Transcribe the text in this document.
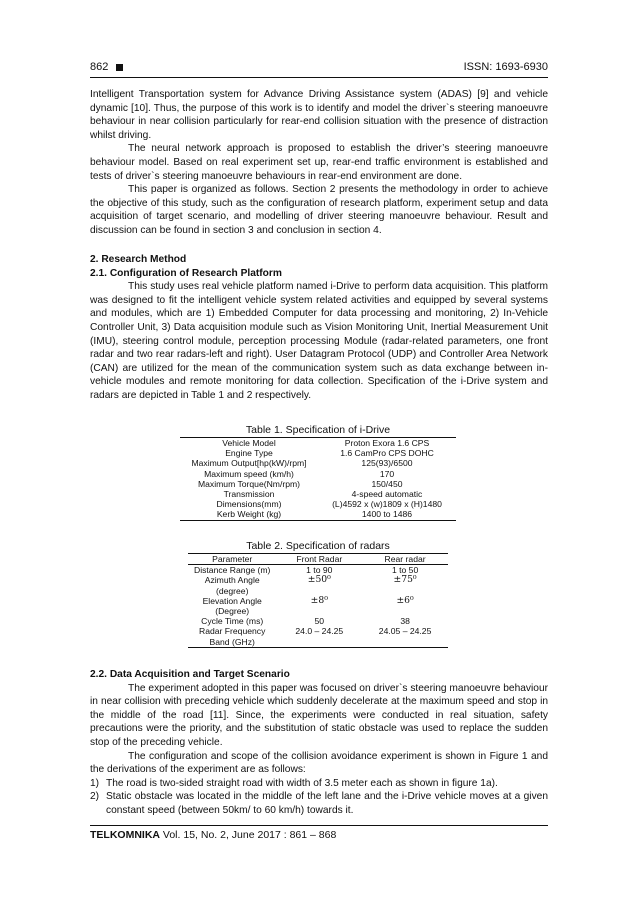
862	ISSN: 1693-6930

Intelligent Transportation system for Advance Driving Assistance system (ADAS) [9] and vehicle dynamic [10]. Thus, the purpose of this work is to identify and model the driver`s steering manoeuvre behaviour in near collision particularly for rear-end collision situation with the presence of distraction whilst driving.

The neural network approach is proposed to establish the driver’s steering manoeuvre behaviour model. Based on real experiment set up, rear-end traffic environment is established and tests of driver`s steering manoeuvre behaviours in rear-end environment are done.

This paper is organized as follows. Section 2 presents the methodology in order to achieve the objective of this study, such as the configuration of research platform, experiment setup and data acquisition of target scenario, and modelling of driver steering manoeuvre behaviour. Result and discussion can be found in section 3 and conclusion in section 4.

2. Research Method
2.1. Configuration of Research Platform

This study uses real vehicle platform named i-Drive to perform data acquisition. This platform was designed to fit the intelligent vehicle system related activities and equipped by several systems and modules, which are 1) Embedded Computer for data processing and monitoring, 2) In-Vehicle Controller Unit, 3) Data acquisition module such as Vision Monitoring Unit, Inertial Measurement Unit (IMU), steering control module, perception processing Module (radar-related parameters, one front radar and two rear radars-left and right). User Datagram Protocol (UDP) and Controller Area Network (CAN) are utilized for the mean of the communication system such as data exchange between in-vehicle modules and remote monitoring for data collection. Specification of the i-Drive system and radars are depicted in Table 1 and 2 respectively.

Table 1. Specification of i-Drive
Vehicle Model	Proton Exora 1.6 CPS
Engine Type	1.6 CamPro CPS DOHC
Maximum Output[hp(kW)/rpm]	125(93)/6500
Maximum speed (km/h)	170
Maximum Torque(Nm/rpm)	150/450
Transmission	4-speed automatic
Dimensions(mm)	(L)4592 x (w)1809 x (H)1480
Kerb Weight (kg)	1400 to 1486
Table 2. Specification of radars
Parameter	Front Radar	Rear radar
Distance Range (m)	1 to 90	1 to 50
Azimuth Angle (degree)	±50⁰	±75⁰
Elevation Angle (Degree)	±8⁰	±6⁰
Cycle Time (ms)	50	38
Radar Frequency Band (GHz)	24.0 – 24.25	24.05 – 24.25
2.2. Data Acquisition and Target Scenario

The experiment adopted in this paper was focused on driver`s steering manoeuvre behaviour in near collision with preceding vehicle which suddenly decelerate at the maximum speed and stop in the middle of the road [11]. Since, the experiments were conducted in real situation, safety precautions were the priority, and the substitution of static obstacle was used to replace the sudden stop of the preceding vehicle.

The configuration and scope of the collision avoidance experiment is shown in Figure 1 and the derivations of the experiment are as follows:

1) The road is two-sided straight road with width of 3.5 meter each as shown in figure 1a).
2) Static obstacle was located in the middle of the left lane and the i-Drive vehicle moves at a given constant speed (between 50km/ to 60 km/h) towards it.
TELKOMNIKA Vol. 15, No. 2, June 2017 : 861 – 868
